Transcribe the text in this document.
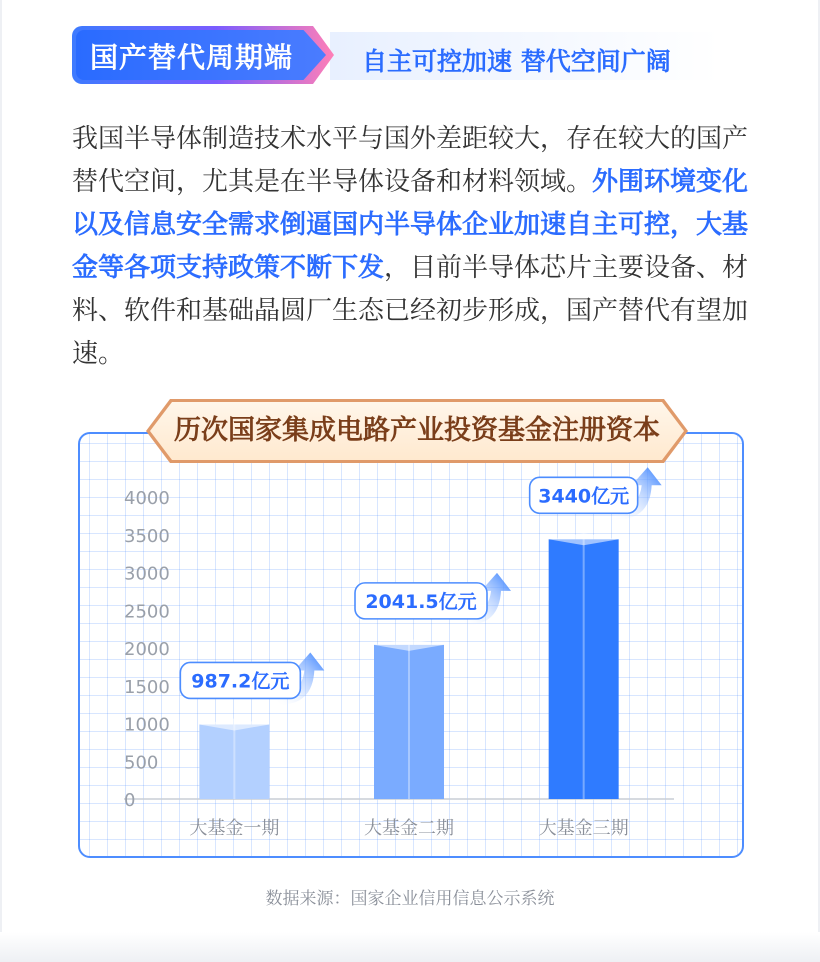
国产替代周期端	自主可控加速 替代空间广阔
我国半导体制造技术水平与国外差距较大，存在较大的国产替代空间，尤其是在半导体设备和材料领域。外围环境变化以及信息安全需求倒逼国内半导体企业加速自主可控，大基金等各项支持政策不断下发，目前半导体芯片主要设备、材料、软件和基础晶圆厂生态已经初步形成，国产替代有望加速。
0
500
1000
1500
2000
2500
3000
3500
4000
大基金一期
987.2亿元
大基金二期
2041.5亿元
大基金三期
3440亿元
历次国家集成电路产业投资基金注册资本
数据来源：国家企业信用信息公示系统
